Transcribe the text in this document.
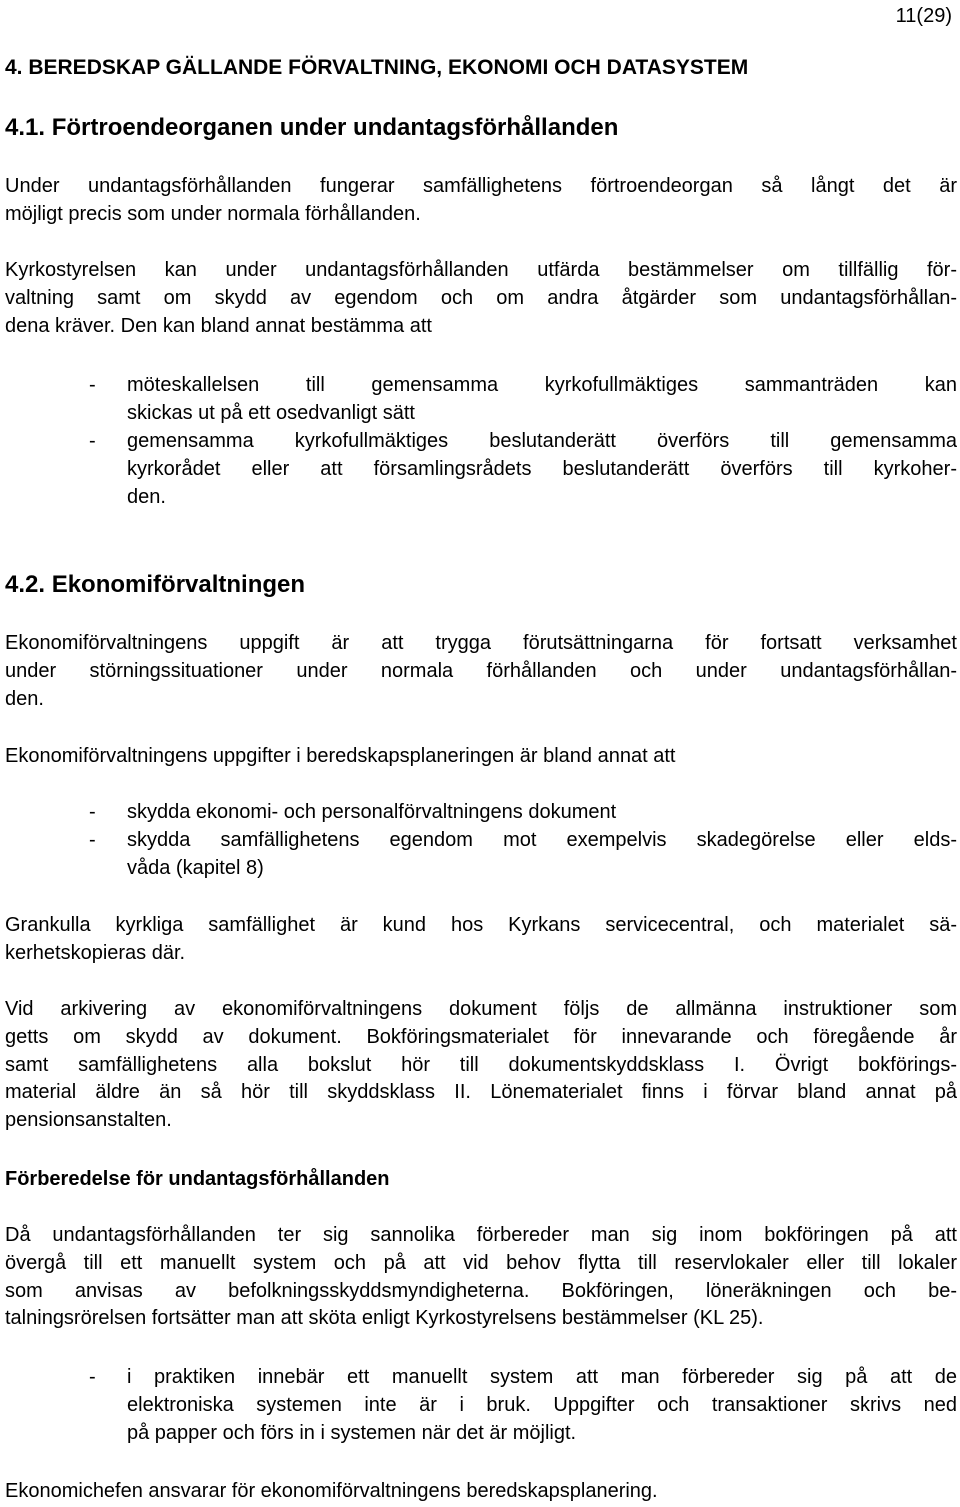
11(29)
4. BEREDSKAP GÄLLANDE FÖRVALTNING, EKONOMI OCH DATASYSTEM
4.1. Förtroendeorganen under undantagsförhållanden
Under undantagsförhållanden fungerar samfällighetens förtroendeorgan så långt det är
möjligt precis som under normala förhållanden.
Kyrkostyrelsen kan under undantagsförhållanden utfärda bestämmelser om tillfällig för-
valtning samt om skydd av egendom och om andra åtgärder som undantagsförhållan-
dena kräver. Den kan bland annat bestämma att
-	möteskallelsen till gemensamma kyrkofullmäktiges sammanträden kan
skickas ut på ett osedvanligt sätt
-	gemensamma kyrkofullmäktiges beslutanderätt överförs till gemensamma
kyrkorådet eller att församlingsrådets beslutanderätt överförs till kyrkoher-
den.
4.2. Ekonomiförvaltningen
Ekonomiförvaltningens uppgift är att trygga förutsättningarna för fortsatt verksamhet
under störningssituationer under normala förhållanden och under undantagsförhållan-
den.
Ekonomiförvaltningens uppgifter i beredskapsplaneringen är bland annat att
-	skydda ekonomi- och personalförvaltningens dokument
-	skydda samfällighetens egendom mot exempelvis skadegörelse eller elds-
våda (kapitel 8)
Grankulla kyrkliga samfällighet är kund hos Kyrkans servicecentral, och materialet sä-
kerhetskopieras där.
Vid arkivering av ekonomiförvaltningens dokument följs de allmänna instruktioner som
getts om skydd av dokument. Bokföringsmaterialet för innevarande och föregående år
samt samfällighetens alla bokslut hör till dokumentskyddsklass I. Övrigt bokförings-
material äldre än så hör till skyddsklass II. Lönematerialet finns i förvar bland annat på
pensionsanstalten.
Förberedelse för undantagsförhållanden
Då undantagsförhållanden ter sig sannolika förbereder man sig inom bokföringen på att
övergå till ett manuellt system och på att vid behov flytta till reservlokaler eller till lokaler
som anvisas av befolkningsskyddsmyndigheterna. Bokföringen, löneräkningen och be-
talningsrörelsen fortsätter man att sköta enligt Kyrkostyrelsens bestämmelser (KL 25).
-	i praktiken innebär ett manuellt system att man förbereder sig på att de
elektroniska systemen inte är i bruk. Uppgifter och transaktioner skrivs ned
på papper och förs in i systemen när det är möjligt.
Ekonomichefen ansvarar för ekonomiförvaltningens beredskapsplanering.
